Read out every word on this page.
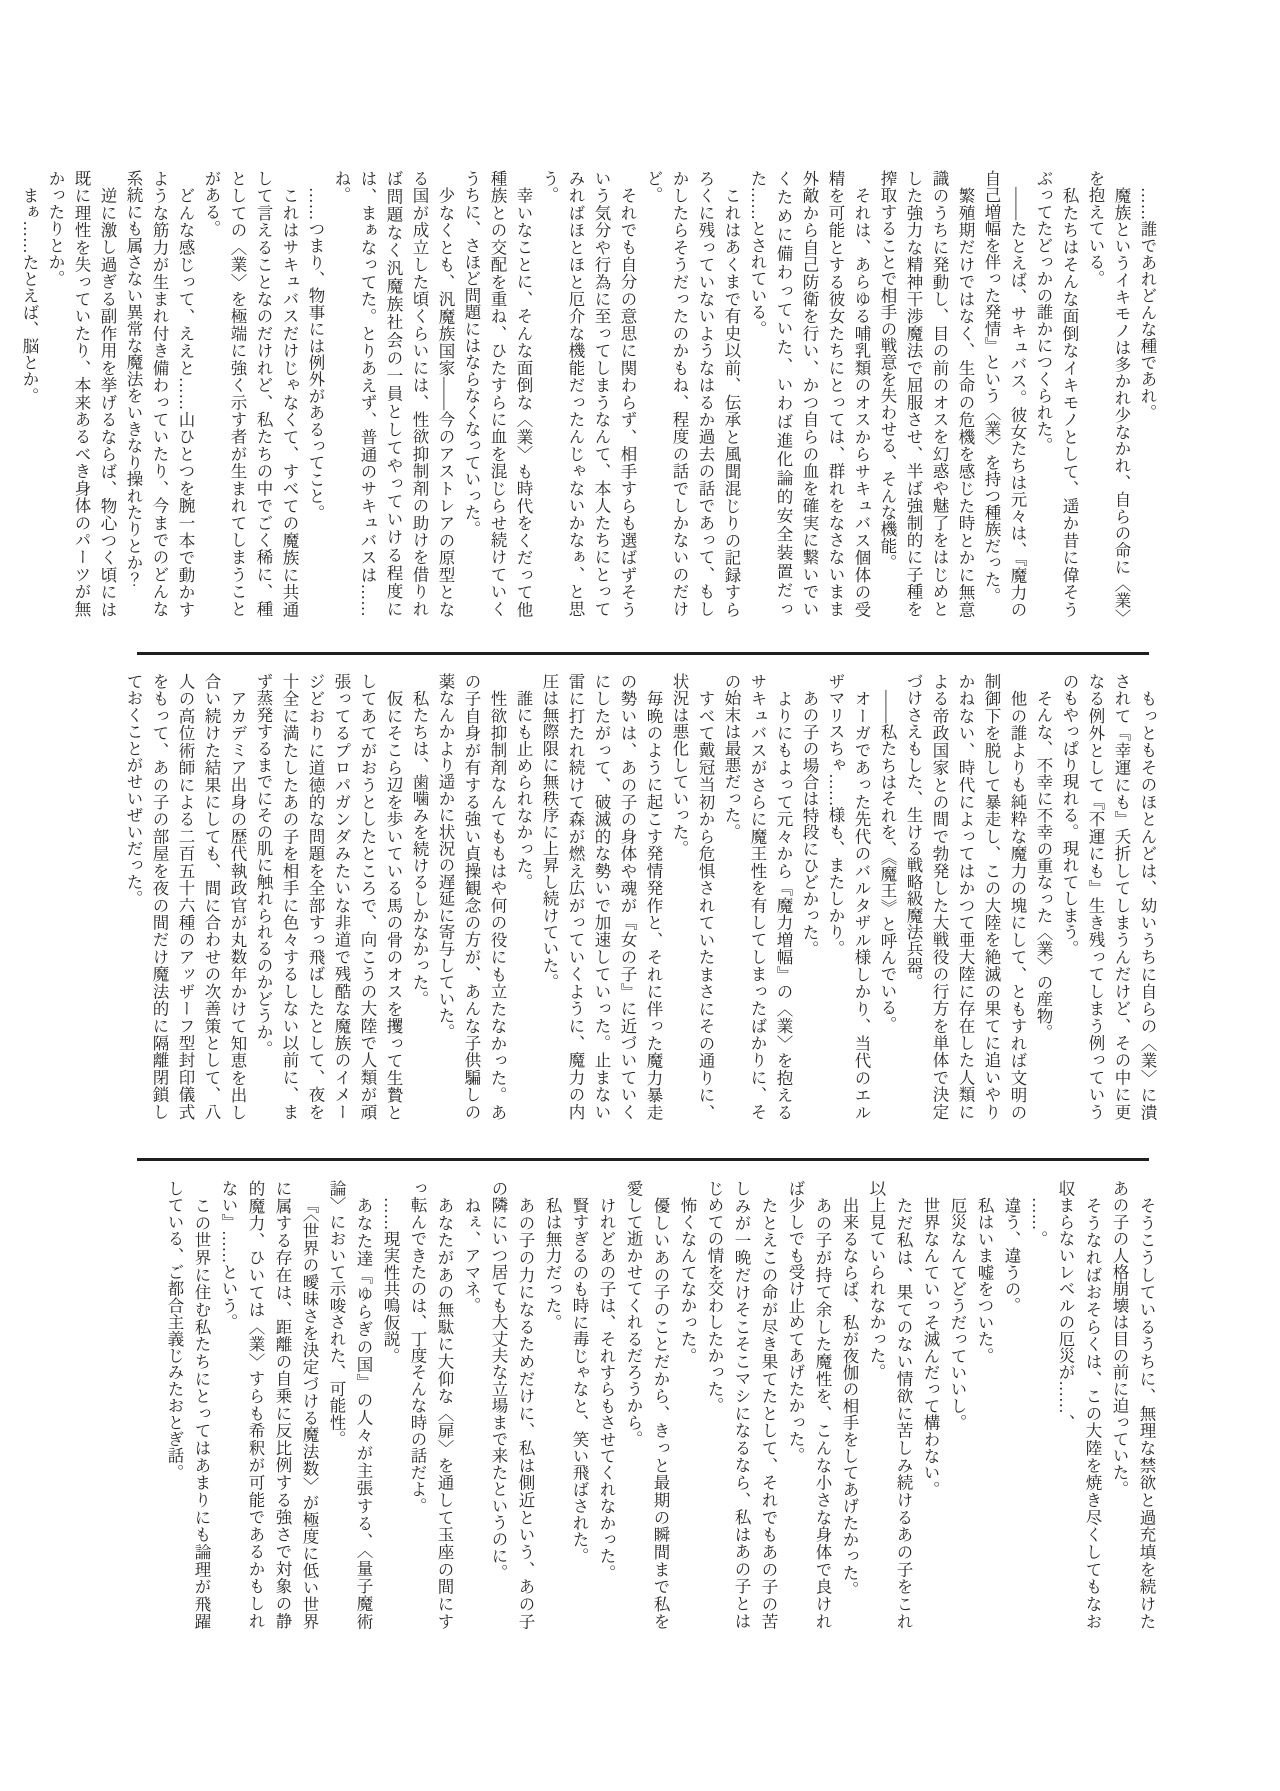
……誰であれどんな種であれ。

魔族というイキモノは多かれ少なかれ、自らの命に〈業〉を抱えている。

私たちはそんな面倒なイキモノとして、遥か昔に偉そうぶってたどっかの誰かにつくられた。

――たとえば、サキュバス。彼女たちは元々は、『魔力の自己増幅を伴った発情』という〈業〉を持つ種族だった。

繁殖期だけではなく、生命の危機を感じた時とかに無意識のうちに発動し、目の前のオスを幻惑や魅了をはじめとした強力な精神干渉魔法で屈服させ、半ば強制的に子種を搾取することで相手の戦意を失わせる、そんな機能。

それは、あらゆる哺乳類のオスからサキュバス個体の受精を可能とする彼女たちにとっては、群れをなさないまま外敵から自己防衛を行い、かつ自らの血を確実に繋いでいくために備わっていた、いわば進化論的安全装置だった……とされている。

これはあくまで有史以前、伝承と風聞混じりの記録すらろくに残っていないようなはるか過去の話であって、もしかしたらそうだったのかもね、程度の話でしかないのだけど。

それでも自分の意思に関わらず、相手すらも選ばずそういう気分や行為に至ってしまうなんて、本人たちにとってみればほとほと厄介な機能だったんじゃないかなぁ、と思う。

幸いなことに、そんな面倒な〈業〉も時代をくだって他種族との交配を重ね、ひたすらに血を混じらせ続けていくうちに、さほど問題にはならなくなっていった。

少なくとも、汎魔族国家――今のアストレアの原型となる国が成立した頃くらいには、性欲抑制剤の助けを借りれば問題なく汎魔族社会の一員としてやっていける程度には、まぁなってた。とりあえず、普通のサキュバスは……ね。

……つまり、物事には例外があるってこと。

これはサキュバスだけじゃなくて、すべての魔族に共通して言えることなのだけれど、私たちの中でごく稀に、種としての〈業〉を極端に強く示す者が生まれてしまうことがある。

どんな感じって、ええと……山ひとつを腕一本で動かすような筋力が生まれ付き備わっていたり、今までのどんな系統にも属さない異常な魔法をいきなり操れたりとか？

逆に激し過ぎる副作用を挙げるならば、物心つく頃には既に理性を失っていたり、本来あるべき身体のパーツが無かったりとか。

まぁ……たとえば、脳とか。

もっともそのほとんどは、幼いうちに自らの〈業〉に潰されて『幸運にも』夭折してしまうんだけど、その中に更なる例外として『不運にも』生き残ってしまう例っていうのもやっぱり現れる。現れてしまう。

そんな、不幸に不幸の重なった〈業〉の産物。

他の誰よりも純粋な魔力の塊にして、ともすれば文明の制御下を脱して暴走し、この大陸を絶滅の果てに追いやりかねない、時代によってはかつて亜大陸に存在した人類による帝政国家との間で勃発した大戦役の行方を単体で決定づけさえもした、生ける戦略級魔法兵器。

――私たちはそれを、《魔王》と呼んでいる。

オーガであった先代のバルタザル様しかり、当代のエルザマリスちゃ……様も、またしかり。

あの子の場合は特段にひどかった。

よりにもよって元々から『魔力増幅』の〈業〉を抱えるサキュバスがさらに魔王性を有してしまったばかりに、その始末は最悪だった。

すべて戴冠当初から危惧されていたまさにその通りに、状況は悪化していった。

毎晩のように起こす発情発作と、それに伴った魔力暴走の勢いは、あの子の身体や魂が『女の子』に近づいていくにしたがって、破滅的な勢いで加速していった。止まない雷に打たれ続けて森が燃え広がっていくように、魔力の内圧は無際限に無秩序に上昇し続けていた。

誰にも止められなかった。

性欲抑制剤なんてももはや何の役にも立たなかった。あの子自身が有する強い貞操観念の方が、あんな子供騙しの薬なんかより遥かに状況の遅延に寄与していた。

私たちは、歯噛みを続けるしかなかった。

仮にそこら辺を歩いている馬の骨のオスを攫って生贄としてあてがおうとしたところで、向こうの大陸で人類が頑張ってるプロパガンダみたいな非道で残酷な魔族のイメージどおりに道徳的な問題を全部すっ飛ばしたとして、夜を十全に満たしたあの子を相手に色々するしない以前に、まず蒸発するまでにその肌に触れられるのかどうか。

アカデミア出身の歴代執政官が丸数年かけて知恵を出し合い続けた結果にしても、間に合わせの次善策として、八人の高位術師による二百五十六種のアッザーフ型封印儀式をもって、あの子の部屋を夜の間だけ魔法的に隔離閉鎖しておくことがせいぜいだった。

そうこうしているうちに、無理な禁欲と過充填を続けたあの子の人格崩壊は目の前に迫っていた。

そうなればおそらくは、この大陸を焼き尽くしてもなお収まらないレベルの厄災が……、

……。

違う、違うの。

私はいま嘘をついた。

厄災なんてどうだっていいし。

世界なんていっそ滅んだって構わない。

ただ私は、果てのない情欲に苦しみ続けるあの子をこれ以上見ていられなかった。

出来るならば、私が夜伽の相手をしてあげたかった。

あの子が持て余した魔性を、こんな小さな身体で良ければ少しでも受け止めてあげたかった。

たとえこの命が尽き果てたとして、それでもあの子の苦しみが一晩だけそこそこマシになるなら、私はあの子とはじめての情を交わしたかった。

怖くなんてなかった。

優しいあの子のことだから、きっと最期の瞬間まで私を愛して逝かせてくれるだろうから。

けれどあの子は、それすらもさせてくれなかった。

賢すぎるのも時に毒じゃなと、笑い飛ばされた。

私は無力だった。

あの子の力になるためだけに、私は側近という、あの子の隣にいつ居ても大丈夫な立場まで来たというのに。

ねぇ、アマネ。

あなたがあの無駄に大仰な〈扉〉を通して玉座の間にすっ転んできたのは、丁度そんな時の話だよ。

……現実性共鳴仮説。

あなた達『ゆらぎの国』の人々が主張する、〈量子魔術論〉において示唆された、可能性。

『〈世界の曖昧さを決定づける魔法数〉が極度に低い世界に属する存在は、距離の自乗に反比例する強さで対象の静的魔力、ひいては〈業〉すらも希釈が可能であるかもしれない』……という。

この世界に住む私たちにとってはあまりにも論理が飛躍している、ご都合主義じみたおとぎ話。
